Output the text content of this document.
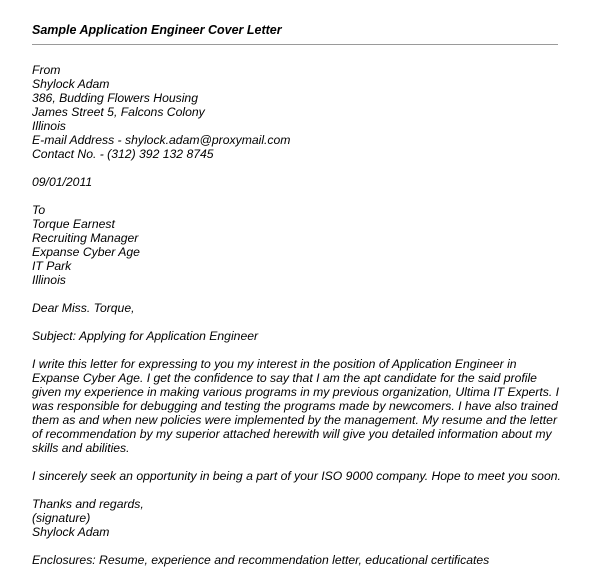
Sample Application Engineer Cover Letter
From
Shylock Adam
386, Budding Flowers Housing
James Street 5, Falcons Colony
Illinois
E-mail Address - shylock.adam@proxymail.com
Contact No. - (312) 392 132 8745
09/01/2011
To
Torque Earnest
Recruiting Manager
Expanse Cyber Age
IT Park
Illinois
Dear Miss. Torque,
Subject: Applying for Application Engineer
I write this letter for expressing to you my interest in the position of Application Engineer in
Expanse Cyber Age. I get the confidence to say that I am the apt candidate for the said profile
given my experience in making various programs in my previous organization, Ultima IT Experts. I
was responsible for debugging and testing the programs made by newcomers. I have also trained
them as and when new policies were implemented by the management. My resume and the letter
of recommendation by my superior attached herewith will give you detailed information about my
skills and abilities.
I sincerely seek an opportunity in being a part of your ISO 9000 company. Hope to meet you soon.
Thanks and regards,
(signature)
Shylock Adam
Enclosures: Resume, experience and recommendation letter, educational certificates
